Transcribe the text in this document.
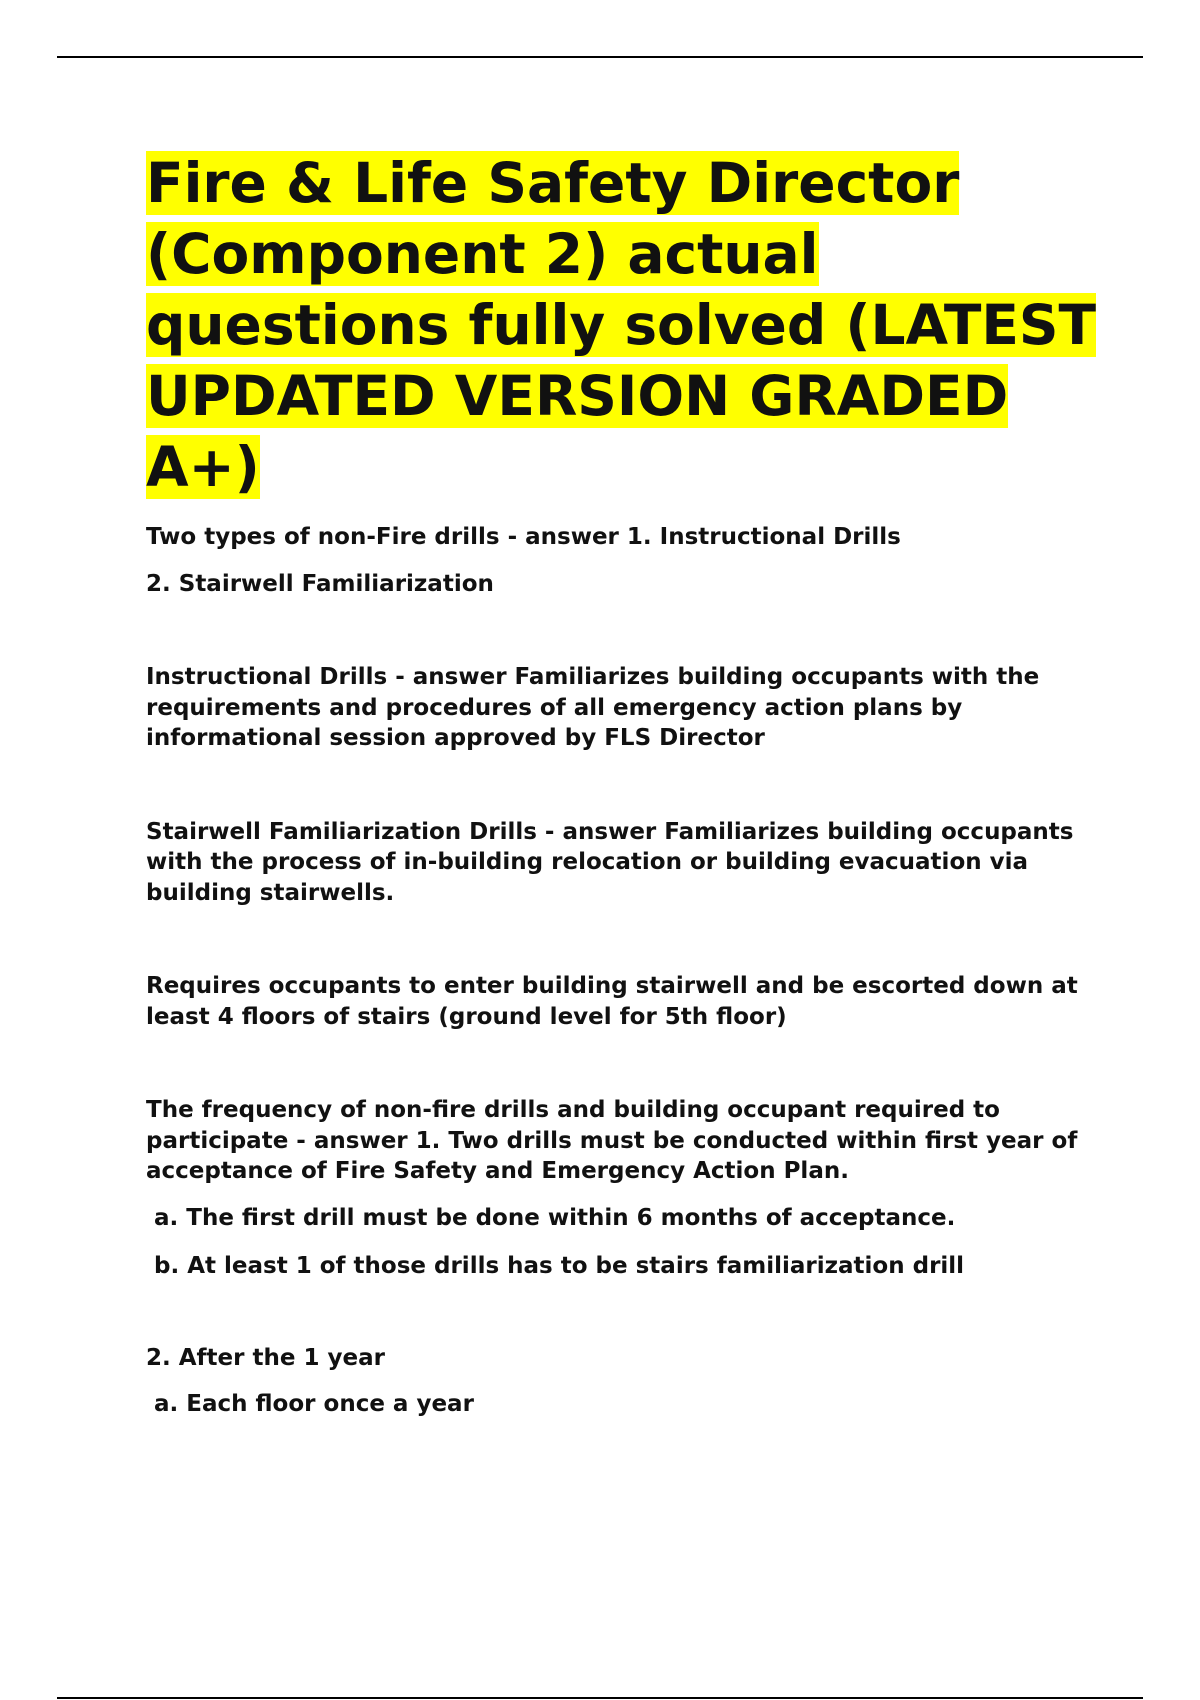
Fire & Life Safety Director (Component 2) actual questions fully solved (LATEST UPDATED VERSION GRADED A+)

Two types of non-Fire drills - answer 1. Instructional Drills

2. Stairwell Familiarization

Instructional Drills - answer Familiarizes building occupants with the requirements and procedures of all emergency action plans by informational session approved by FLS Director

Stairwell Familiarization Drills - answer Familiarizes building occupants with the process of in-building relocation or building evacuation via building stairwells.

Requires occupants to enter building stairwell and be escorted down at least 4 floors of stairs (ground level for 5th floor)

The frequency of non-fire drills and building occupant required to participate - answer 1. Two drills must be conducted within first year of acceptance of Fire Safety and Emergency Action Plan.

a. The first drill must be done within 6 months of acceptance.

b. At least 1 of those drills has to be stairs familiarization drill

2. After the 1 year

a. Each floor once a year
